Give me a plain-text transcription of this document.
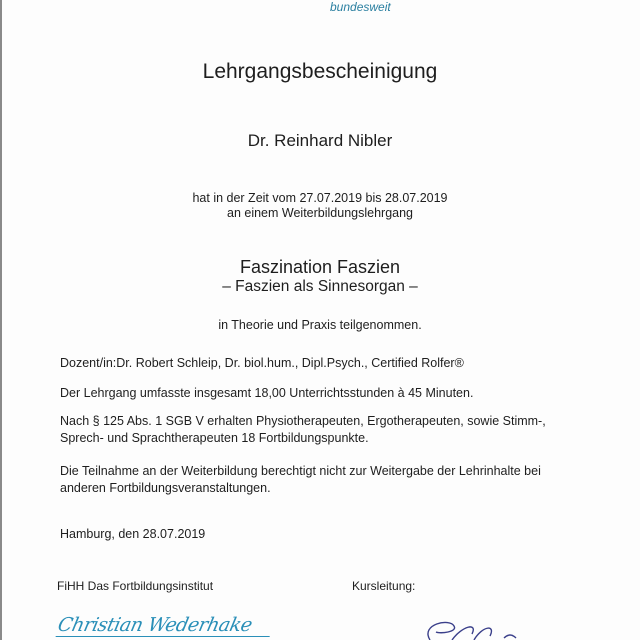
bundesweit
Lehrgangsbescheinigung
Dr. Reinhard Nibler
hat in der Zeit vom 27.07.2019 bis 28.07.2019
an einem Weiterbildungslehrgang
Faszination Faszien
– Faszien als Sinnesorgan –
in Theorie und Praxis teilgenommen.
Dozent/in:Dr. Robert Schleip, Dr. biol.hum., Dipl.Psych., Certified Rolfer®
Der Lehrgang umfasste insgesamt 18,00 Unterrichtsstunden à 45 Minuten.
Nach § 125 Abs. 1 SGB V erhalten Physiotherapeuten, Ergotherapeuten, sowie Stimm-,
Sprech- und Sprachtherapeuten 18 Fortbildungspunkte.
Die Teilnahme an der Weiterbildung berechtigt nicht zur Weitergabe der Lehrinhalte bei
anderen Fortbildungsveranstaltungen.
Hamburg, den 28.07.2019
FiHH Das Fortbildungsinstitut	Kursleitung:
Christian Wederhake
